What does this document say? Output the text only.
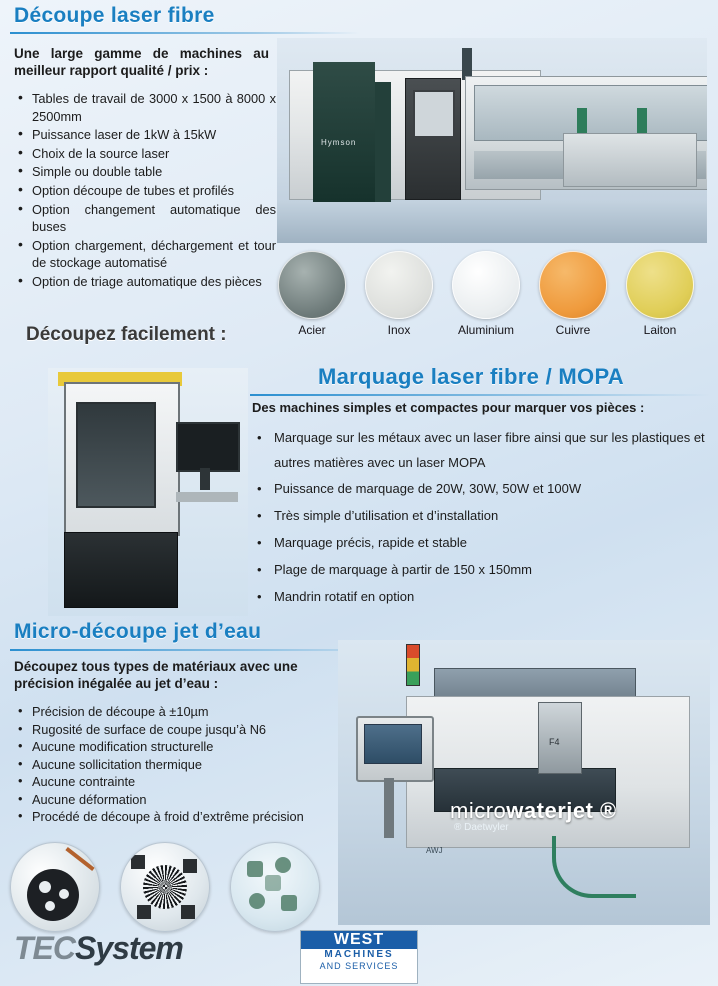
Découpe laser fibre
Une large gamme de machines au meilleur rapport qualité / prix :
• Tables de travail de 3000 x 1500 à 8000 x 2500mm
• Puissance laser de 1kW à 15kW
• Choix de la source laser
• Simple ou double table
• Option découpe de tubes et profilés
• Option changement automatique des buses
• Option chargement, déchargement et tour de stockage automatisé
• Option de triage automatique des pièces
Hymson
Acier	Inox	Aluminium	Cuivre	Laiton
Découpez facilement :
Marquage laser fibre / MOPA
Des machines simples et compactes pour marquer vos pièces :
• Marquage sur les métaux avec un laser fibre ainsi que sur les plastiques et autres matières avec un laser MOPA
• Puissance de marquage de 20W, 30W, 50W et 100W
• Très simple d’utilisation et d’installation
• Marquage précis, rapide et stable
• Plage de marquage à partir de 150 x 150mm
• Mandrin rotatif en option
Micro-découpe jet d’eau
Découpez tous types de matériaux avec une précision inégalée au jet d’eau :
• Précision de découpe à ±10µm
• Rugosité de surface de coupe jusqu’à N6
• Aucune modification structurelle
• Aucune sollicitation thermique
• Aucune contrainte
• Aucune déformation
• Procédé de découpe à froid d’extrême précision
F4
microwaterjet ®
® Daetwyler
AWJ
TECSystem	WEST
MACHINES
AND SERVICES
